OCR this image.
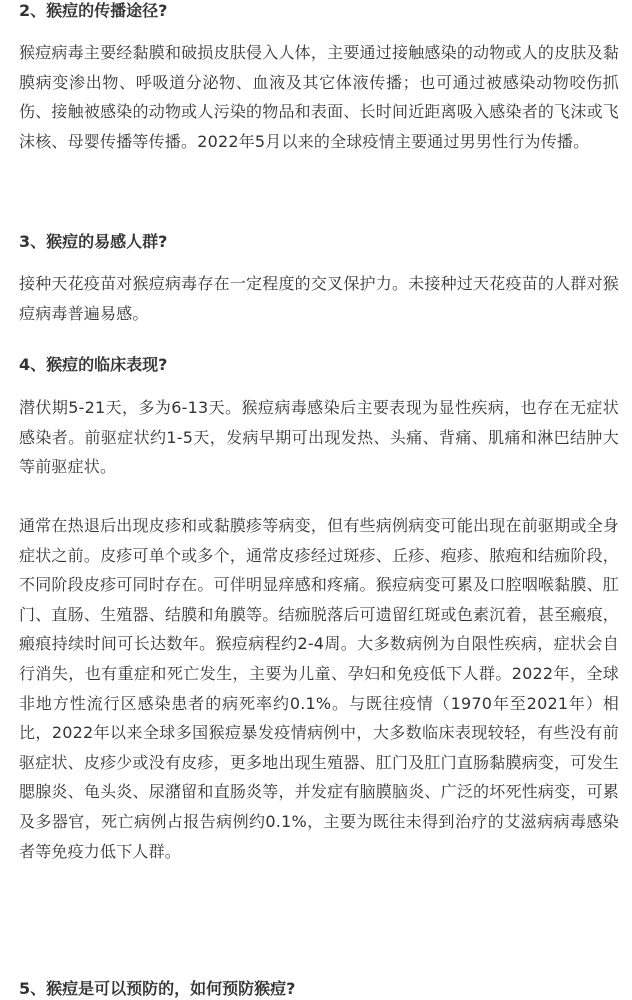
2、猴痘的传播途径?

猴痘病毒主要经黏膜和破损皮肤侵入人体，主要通过接触感染的动物或人的皮肤及黏膜病变渗出物、呼吸道分泌物、血液及其它体液传播；也可通过被感染动物咬伤抓伤、接触被感染的动物或人污染的物品和表面、长时间近距离吸入感染者的飞沫或飞沫核、母婴传播等传播。2022年5月以来的全球疫情主要通过男男性行为传播。

3、猴痘的易感人群?

接种天花疫苗对猴痘病毒存在一定程度的交叉保护力。未接种过天花疫苗的人群对猴痘病毒普遍易感。

4、猴痘的临床表现?

潜伏期5-21天，多为6-13天。猴痘病毒感染后主要表现为显性疾病，也存在无症状感染者。前驱症状约1-5天，发病早期可出现发热、头痛、背痛、肌痛和淋巴结肿大等前驱症状。

通常在热退后出现皮疹和或黏膜疹等病变，但有些病例病变可能出现在前驱期或全身症状之前。皮疹可单个或多个，通常皮疹经过斑疹、丘疹、疱疹、脓疱和结痂阶段，不同阶段皮疹可同时存在。可伴明显痒感和疼痛。猴痘病变可累及口腔咽喉黏膜、肛门、直肠、生殖器、结膜和角膜等。结痂脱落后可遗留红斑或色素沉着，甚至瘢痕，瘢痕持续时间可长达数年。猴痘病程约2-4周。大多数病例为自限性疾病，症状会自行消失，也有重症和死亡发生，主要为儿童、孕妇和免疫低下人群。2022年，全球非地方性流行区感染患者的病死率约0.1%。与既往疫情（1970年至2021年）相比，2022年以来全球多国猴痘暴发疫情病例中，大多数临床表现较轻，有些没有前驱症状、皮疹少或没有皮疹，更多地出现生殖器、肛门及肛门直肠黏膜病变，可发生腮腺炎、龟头炎、尿潴留和直肠炎等，并发症有脑膜脑炎、广泛的坏死性病变，可累及多器官，死亡病例占报告病例约0.1%，主要为既往未得到治疗的艾滋病病毒感染者等免疫力低下人群。

5、猴痘是可以预防的，如何预防猴痘?
